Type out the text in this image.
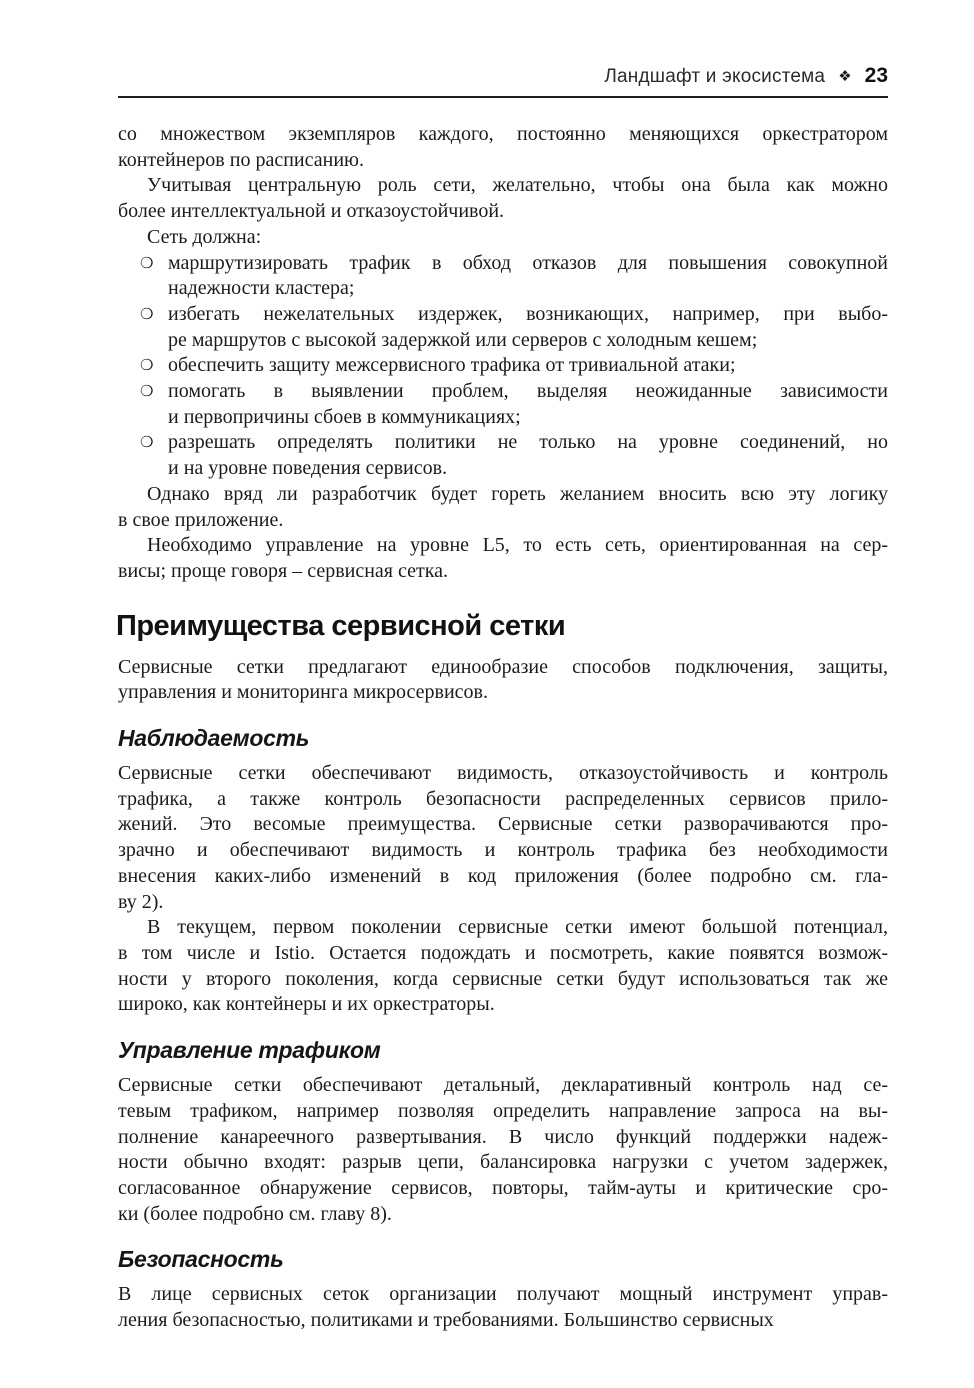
Ландшафт и экосистема ❖ 23
со множеством экземпляров каждого, постоянно меняющихся оркестратором
контейнеров по расписанию.
Учитывая центральную роль сети, желательно, чтобы она была как можно
более интеллектуальной и отказоустойчивой.
Сеть должна:
❍ маршрутизировать трафик в обход отказов для повышения совокупной
надежности кластера;
❍ избегать нежелательных издержек, возникающих, например, при выбо-
ре маршрутов с высокой задержкой или серверов с холодным кешем;
❍ обеспечить защиту межсервисного трафика от тривиальной атаки;
❍ помогать в выявлении проблем, выделяя неожиданные зависимости
и первопричины сбоев в коммуникациях;
❍ разрешать определять политики не только на уровне соединений, но
и на уровне поведения сервисов.
Однако вряд ли разработчик будет гореть желанием вносить всю эту логику
в свое приложение.
Необходимо управление на уровне L5, то есть сеть, ориентированная на сер-
висы; проще говоря – сервисная сетка.
Преимущества сервисной сетки
Сервисные сетки предлагают единообразие способов подключения, защиты,
управления и мониторинга микросервисов.
Наблюдаемость
Сервисные сетки обеспечивают видимость, отказоустойчивость и контроль
трафика, а также контроль безопасности распределенных сервисов прило-
жений. Это весомые преимущества. Сервисные сетки разворачиваются про-
зрачно и обеспечивают видимость и контроль трафика без необходимости
внесения каких-либо изменений в код приложения (более подробно см. гла-
ву 2).
В текущем, первом поколении сервисные сетки имеют большой потенциал,
в том числе и Istio. Остается подождать и посмотреть, какие появятся возмож-
ности у второго поколения, когда сервисные сетки будут использоваться так же
широко, как контейнеры и их оркестраторы.
Управление трафиком
Сервисные сетки обеспечивают детальный, декларативный контроль над се-
тевым трафиком, например позволяя определить направление запроса на вы-
полнение канареечного развертывания. В число функций поддержки надеж-
ности обычно входят: разрыв цепи, балансировка нагрузки с учетом задержек,
согласованное обнаружение сервисов, повторы, тайм-ауты и критические сро-
ки (более подробно см. главу 8).
Безопасность
В лице сервисных сеток организации получают мощный инструмент управ-
ления безопасностью, политиками и требованиями. Большинство сервисных
